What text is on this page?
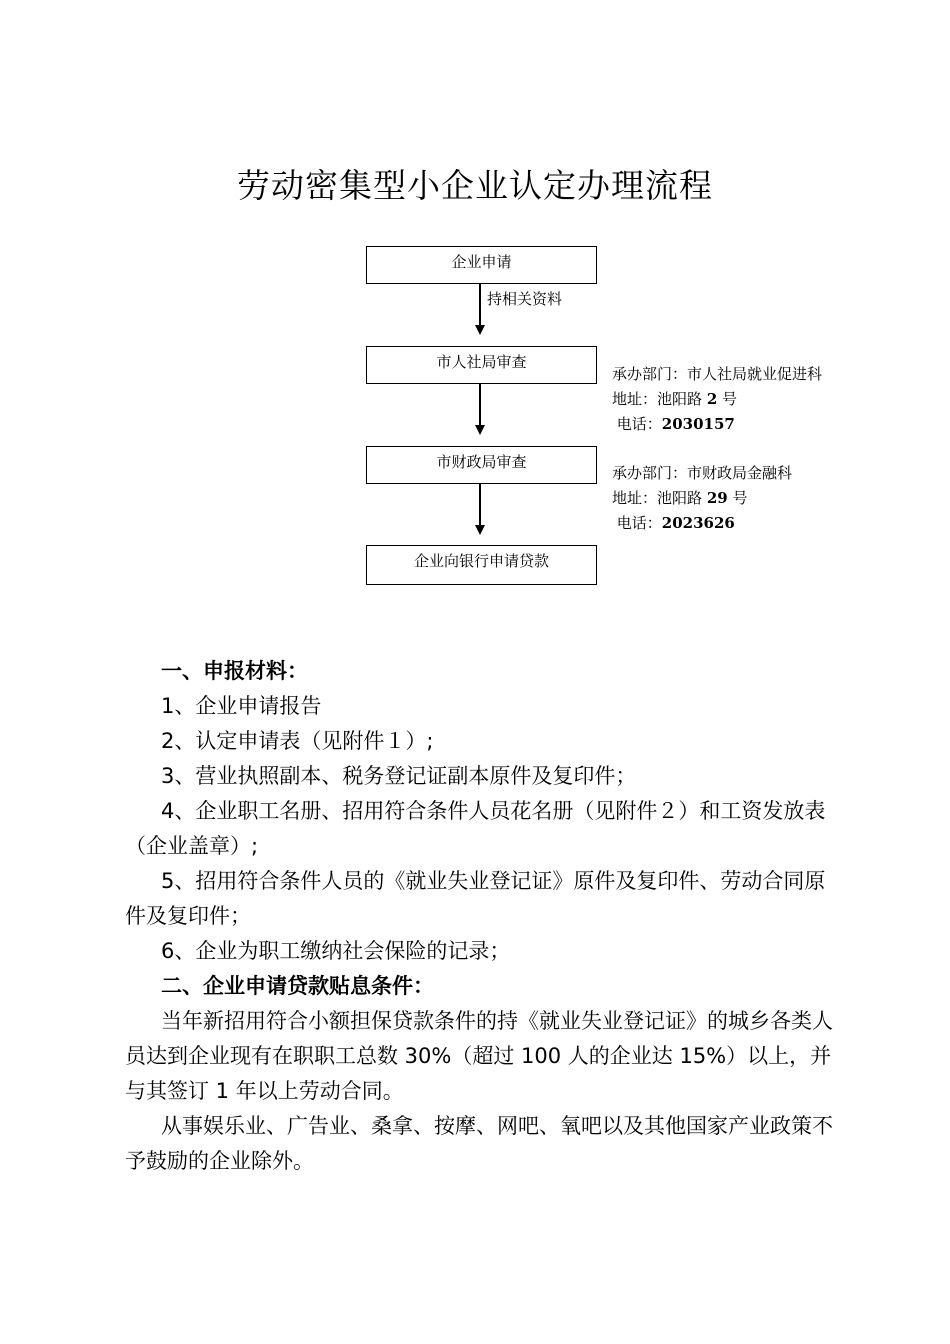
劳动密集型小企业认定办理流程
企业申请
持相关资料
市人社局审查
市财政局审查
企业向银行申请贷款
承办部门：市人社局就业促进科
地址：池阳路 2 号
电话：2030157
承办部门：市财政局金融科
地址：池阳路 29 号
电话：2023626

一、申报材料：

1、企业申请报告

2、认定申请表（见附件１）;

3、营业执照副本、税务登记证副本原件及复印件；

4、企业职工名册、招用符合条件人员花名册（见附件２）和工资发放表（企业盖章）;

5、招用符合条件人员的《就业失业登记证》原件及复印件、劳动合同原件及复印件；

6、企业为职工缴纳社会保险的记录；

二、企业申请贷款贴息条件：

当年新招用符合小额担保贷款条件的持《就业失业登记证》的城乡各类人员达到企业现有在职职工总数 30%（超过 100 人的企业达 15%）以上，并与其签订 1 年以上劳动合同。

从事娱乐业、广告业、桑拿、按摩、网吧、氧吧以及其他国家产业政策不予鼓励的企业除外。
